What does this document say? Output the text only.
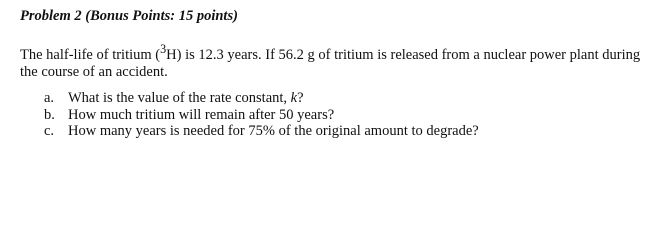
Problem 2 (Bonus Points: 15 points)
The half-life of tritium ($^3$H) is 12.3 years. If 56.2 g of tritium is released from a nuclear power plant during the course of an accident.
a. What is the value of the rate constant, k?
b. How much tritium will remain after 50 years?
c. How many years is needed for 75% of the original amount to degrade?
